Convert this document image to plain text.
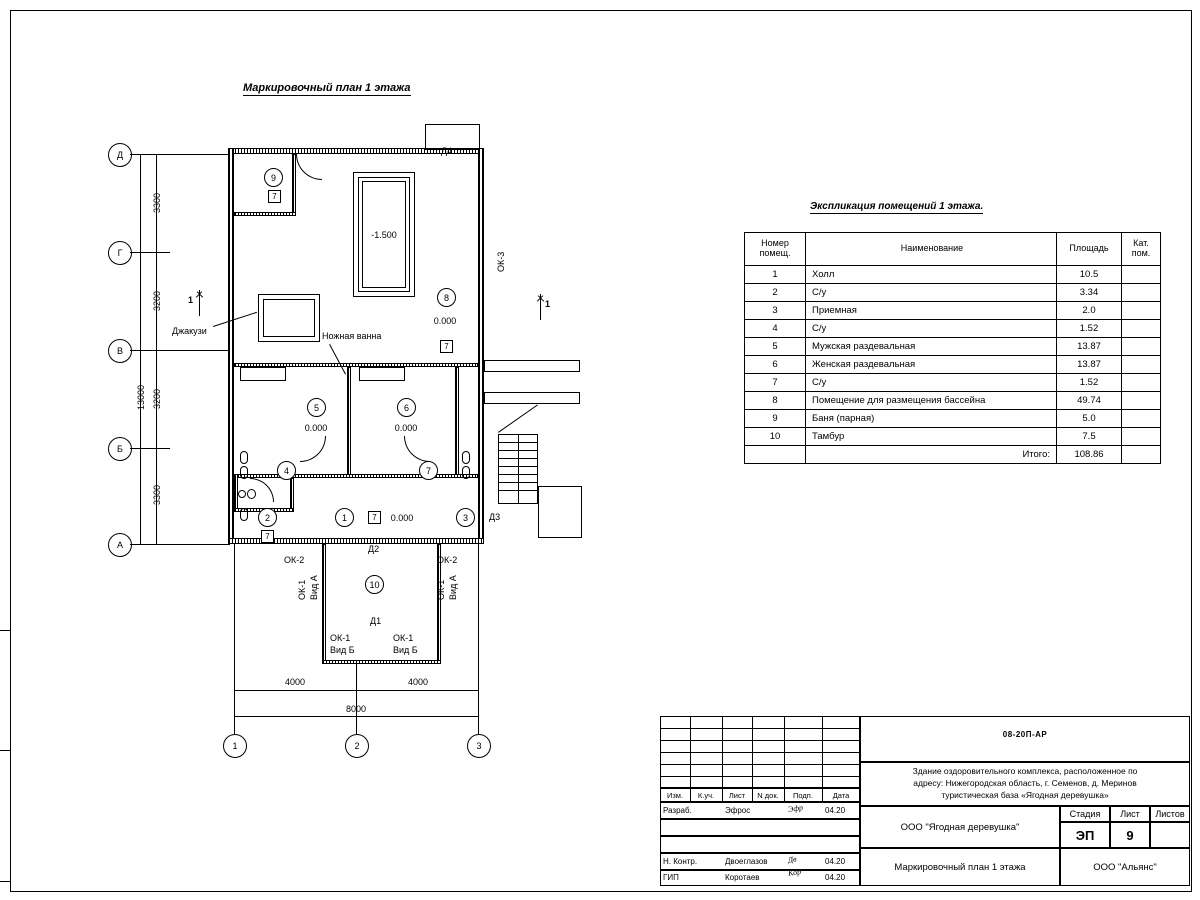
Маркировочный план 1 этажа
Экспликация помещений 1 этажа.
-1.500
Джакузи	Ножная ванна
9
7
8
0.000
7
5
0.000
6
0.000
4	7
2
7
1	7	0.000	3
10
Д4
Д2
Д1
Д3
ОК-3
ОК-2
ОК-1 Вид А
ОК-2
ОК-1 Вид А
ОК-1
Вид Б
ОК-1
Вид Б
1	1
Д
Г
В
Б
А
3300
3200
3200
3300
13000
4000	4000
8000
1	2	3
Номер помещ.	Наименование	Площадь	Кат. пом.
1	Холл	10.5	
2	С/у	3.34	
3	Приемная	2.0	
4	С/у	1.52	
5	Мужская раздевальная	13.87	
6	Женская раздевальная	13.87	
7	С/у	1.52	
8	Помещение для размещения бассейна	49.74	
9	Баня (парная)	5.0	
10	Тамбур	7.5	
	Итого:	108.86	
08-20П-АР
Здание оздоровительного комплекса, расположенное по
адресу: Нижегородская область, г. Семенов, д. Меринов
туристическая база «Ягодная деревушка»
Изм.	К.уч.	Лист	N док.	Подп.	Дата
Разраб.	Эфрос	Эфр	04.20
Н. Контр.	Двоеглазов Дв	04.20
ГИП	Коротаев	Кор	04.20
ООО "Ягодная деревушка"
Маркировочный план 1 этажа
Стадия	Лист	Листов
ЭП	9
ООО "Альянс"
